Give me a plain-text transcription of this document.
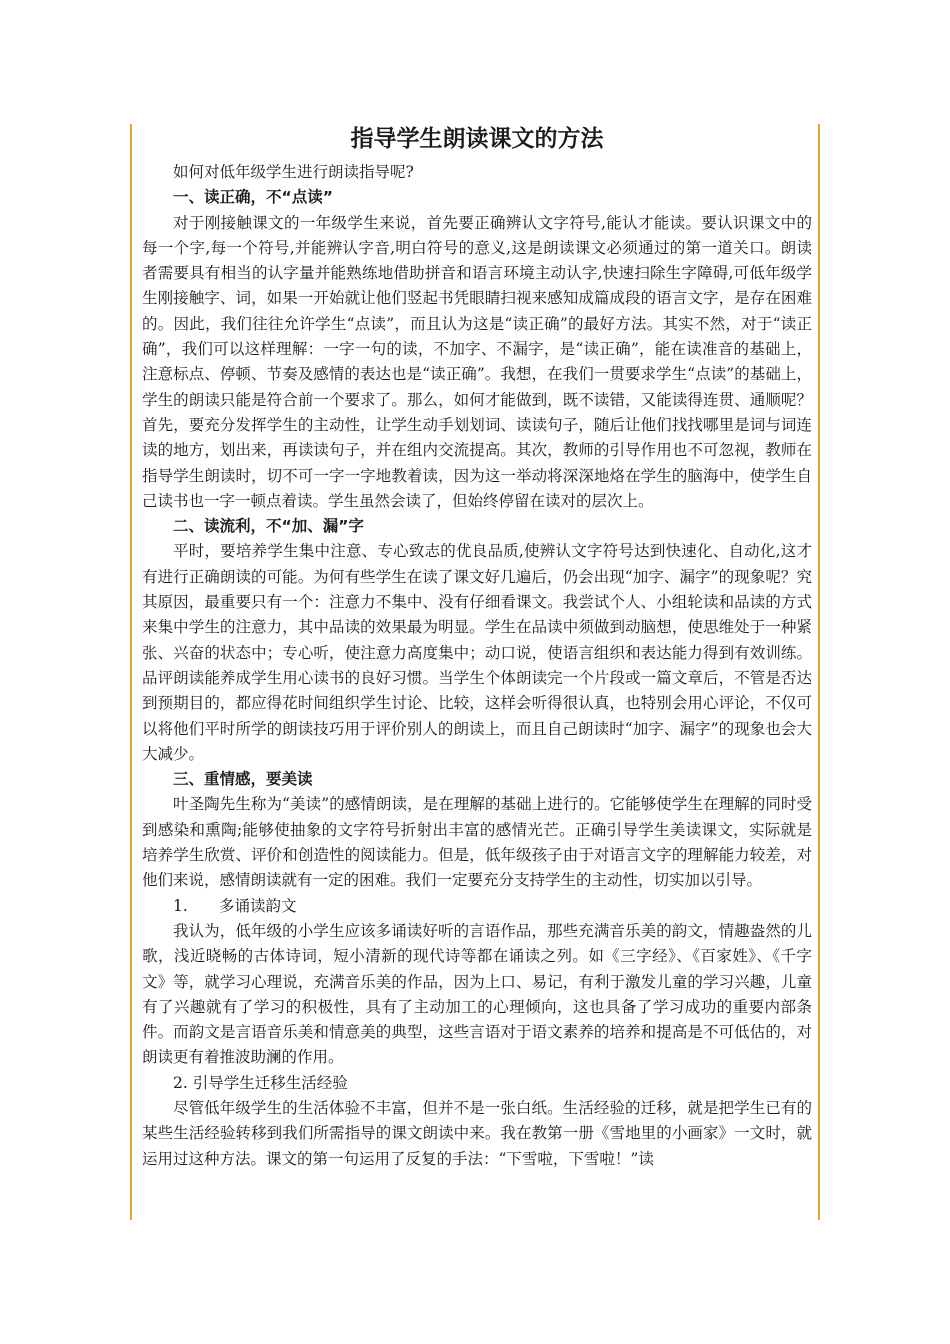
指导学生朗读课文的方法

如何对低年级学生进行朗读指导呢?

一、读正确，不“点读”

对于刚接触课文的一年级学生来说，首先要正确辨认文字符号,能认才能读。要认识课文中的每一个字,每一个符号,并能辨认字音,明白符号的意义,这是朗读课文必须通过的第一道关口。朗读者需要具有相当的认字量并能熟练地借助拼音和语言环境主动认字,快速扫除生字障碍,可低年级学生刚接触字、词，如果一开始就让他们竖起书凭眼睛扫视来感知成篇成段的语言文字，是存在困难的。因此，我们往往允许学生“点读”，而且认为这是“读正确”的最好方法。其实不然，对于“读正确”，我们可以这样理解：一字一句的读，不加字、不漏字，是“读正确”，能在读准音的基础上，注意标点、停顿、节奏及感情的表达也是“读正确”。我想，在我们一贯要求学生“点读”的基础上，学生的朗读只能是符合前一个要求了。那么，如何才能做到，既不读错，又能读得连贯、通顺呢？首先，要充分发挥学生的主动性，让学生动手划划词、读读句子，随后让他们找找哪里是词与词连读的地方，划出来，再读读句子，并在组内交流提高。其次，教师的引导作用也不可忽视，教师在指导学生朗读时，切不可一字一字地教着读，因为这一举动将深深地烙在学生的脑海中，使学生自己读书也一字一顿点着读。学生虽然会读了，但始终停留在读对的层次上。

二、读流利，不“加、漏”字

平时，要培养学生集中注意、专心致志的优良品质,使辨认文字符号达到快速化、自动化,这才有进行正确朗读的可能。为何有些学生在读了课文好几遍后，仍会出现“加字、漏字”的现象呢？究其原因，最重要只有一个：注意力不集中、没有仔细看课文。我尝试个人、小组轮读和品读的方式来集中学生的注意力，其中品读的效果最为明显。学生在品读中须做到动脑想，使思维处于一种紧张、兴奋的状态中；专心听，使注意力高度集中；动口说，使语言组织和表达能力得到有效训练。品评朗读能养成学生用心读书的良好习惯。当学生个体朗读完一个片段或一篇文章后，不管是否达到预期目的，都应得花时间组织学生讨论、比较，这样会听得很认真，也特别会用心评论，不仅可以将他们平时所学的朗读技巧用于评价别人的朗读上，而且自己朗读时“加字、漏字”的现象也会大大减少。

三、重情感，要美读

叶圣陶先生称为“美读”的感情朗读，是在理解的基础上进行的。它能够使学生在理解的同时受到感染和熏陶;能够使抽象的文字符号折射出丰富的感情光芒。正确引导学生美读课文，实际就是培养学生欣赏、评价和创造性的阅读能力。但是，低年级孩子由于对语言文字的理解能力较差，对他们来说，感情朗读就有一定的困难。我们一定要充分支持学生的主动性，切实加以引导。

1. 多诵读韵文

我认为，低年级的小学生应该多诵读好听的言语作品，那些充满音乐美的韵文，情趣盎然的儿歌，浅近晓畅的古体诗词，短小清新的现代诗等都在诵读之列。如《三字经》、《百家姓》、《千字文》等，就学习心理说，充满音乐美的作品，因为上口、易记，有利于激发儿童的学习兴趣，儿童有了兴趣就有了学习的积极性，具有了主动加工的心理倾向，这也具备了学习成功的重要内部条件。而韵文是言语音乐美和情意美的典型，这些言语对于语文素养的培养和提高是不可低估的，对朗读更有着推波助澜的作用。

2. 引导学生迁移生活经验

尽管低年级学生的生活体验不丰富，但并不是一张白纸。生活经验的迁移，就是把学生已有的某些生活经验转移到我们所需指导的课文朗读中来。我在教第一册《雪地里的小画家》一文时，就运用过这种方法。课文的第一句运用了反复的手法：“下雪啦，下雪啦！”读
